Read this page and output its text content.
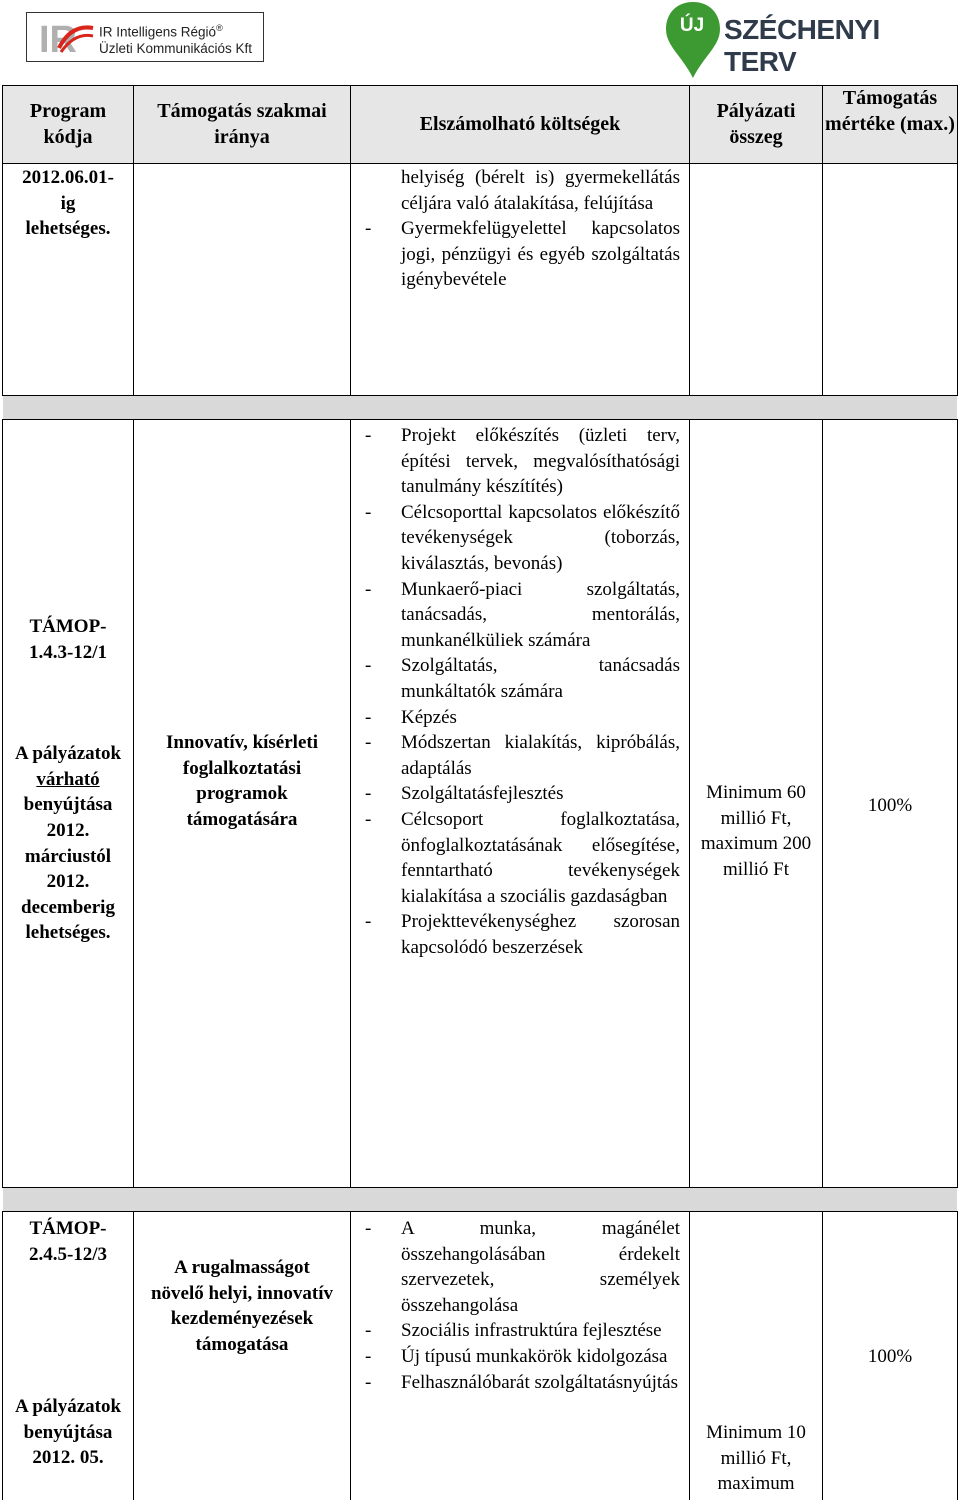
IR IR Intelligens Régió®
Üzleti Kommunikációs Kft
ÚJ SZÉCHENYI TERV
Program kódja
Támogatás szakmai iránya
Elszámolható költségek
Pályázati összeg
Támogatás mértéke (max.)
2012.06.01-
ig
lehetséges.
helyiség (bérelt is) gyermekellátás céljára való átalakítása, felújítása
- Gyermekfelügyelettel kapcsolatos jogi, pénzügyi és egyéb szolgáltatás igénybevétele
TÁMOP-1.4.3-12/1
A pályázatok várható benyújtása 2012. márciustól 2012. decemberig lehetséges.
Innovatív, kísérleti foglalkoztatási programok támogatására
- Projekt előkészítés (üzleti terv, építési tervek, megvalósíthatósági tanulmány készítítés)
- Célcsoporttal kapcsolatos előkészítő tevékenységek (toborzás, kiválasztás, bevonás)
- Munkaerő-piaci szolgáltatás, tanácsadás, mentorálás, munkanélküliek számára
- Szolgáltatás, tanácsadás munkáltatók számára
- Képzés
- Módszertan kialakítás, kipróbálás, adaptálás
- Szolgáltatásfejlesztés
- Célcsoport foglalkoztatása, önfoglalkoztatásának elősegítése, fenntartható tevékenységek kialakítása a szociális gazdaságban
- Projekttevékenységhez szorosan kapcsolódó beszerzések
Minimum 60 millió Ft, maximum 200 millió Ft
100%
TÁMOP-2.4.5-12/3
A pályázatok benyújtása 2012. 05.
A rugalmasságot növelő helyi, innovatív kezdeményezések támogatása
- A munka, magánélet összehangolásában érdekelt szervezetek, személyek összehangolása
- Szociális infrastruktúra fejlesztése
- Új típusú munkakörök kidolgozása
- Felhasználóbarát szolgáltatásnyújtás
Minimum 10 millió Ft, maximum
100%
